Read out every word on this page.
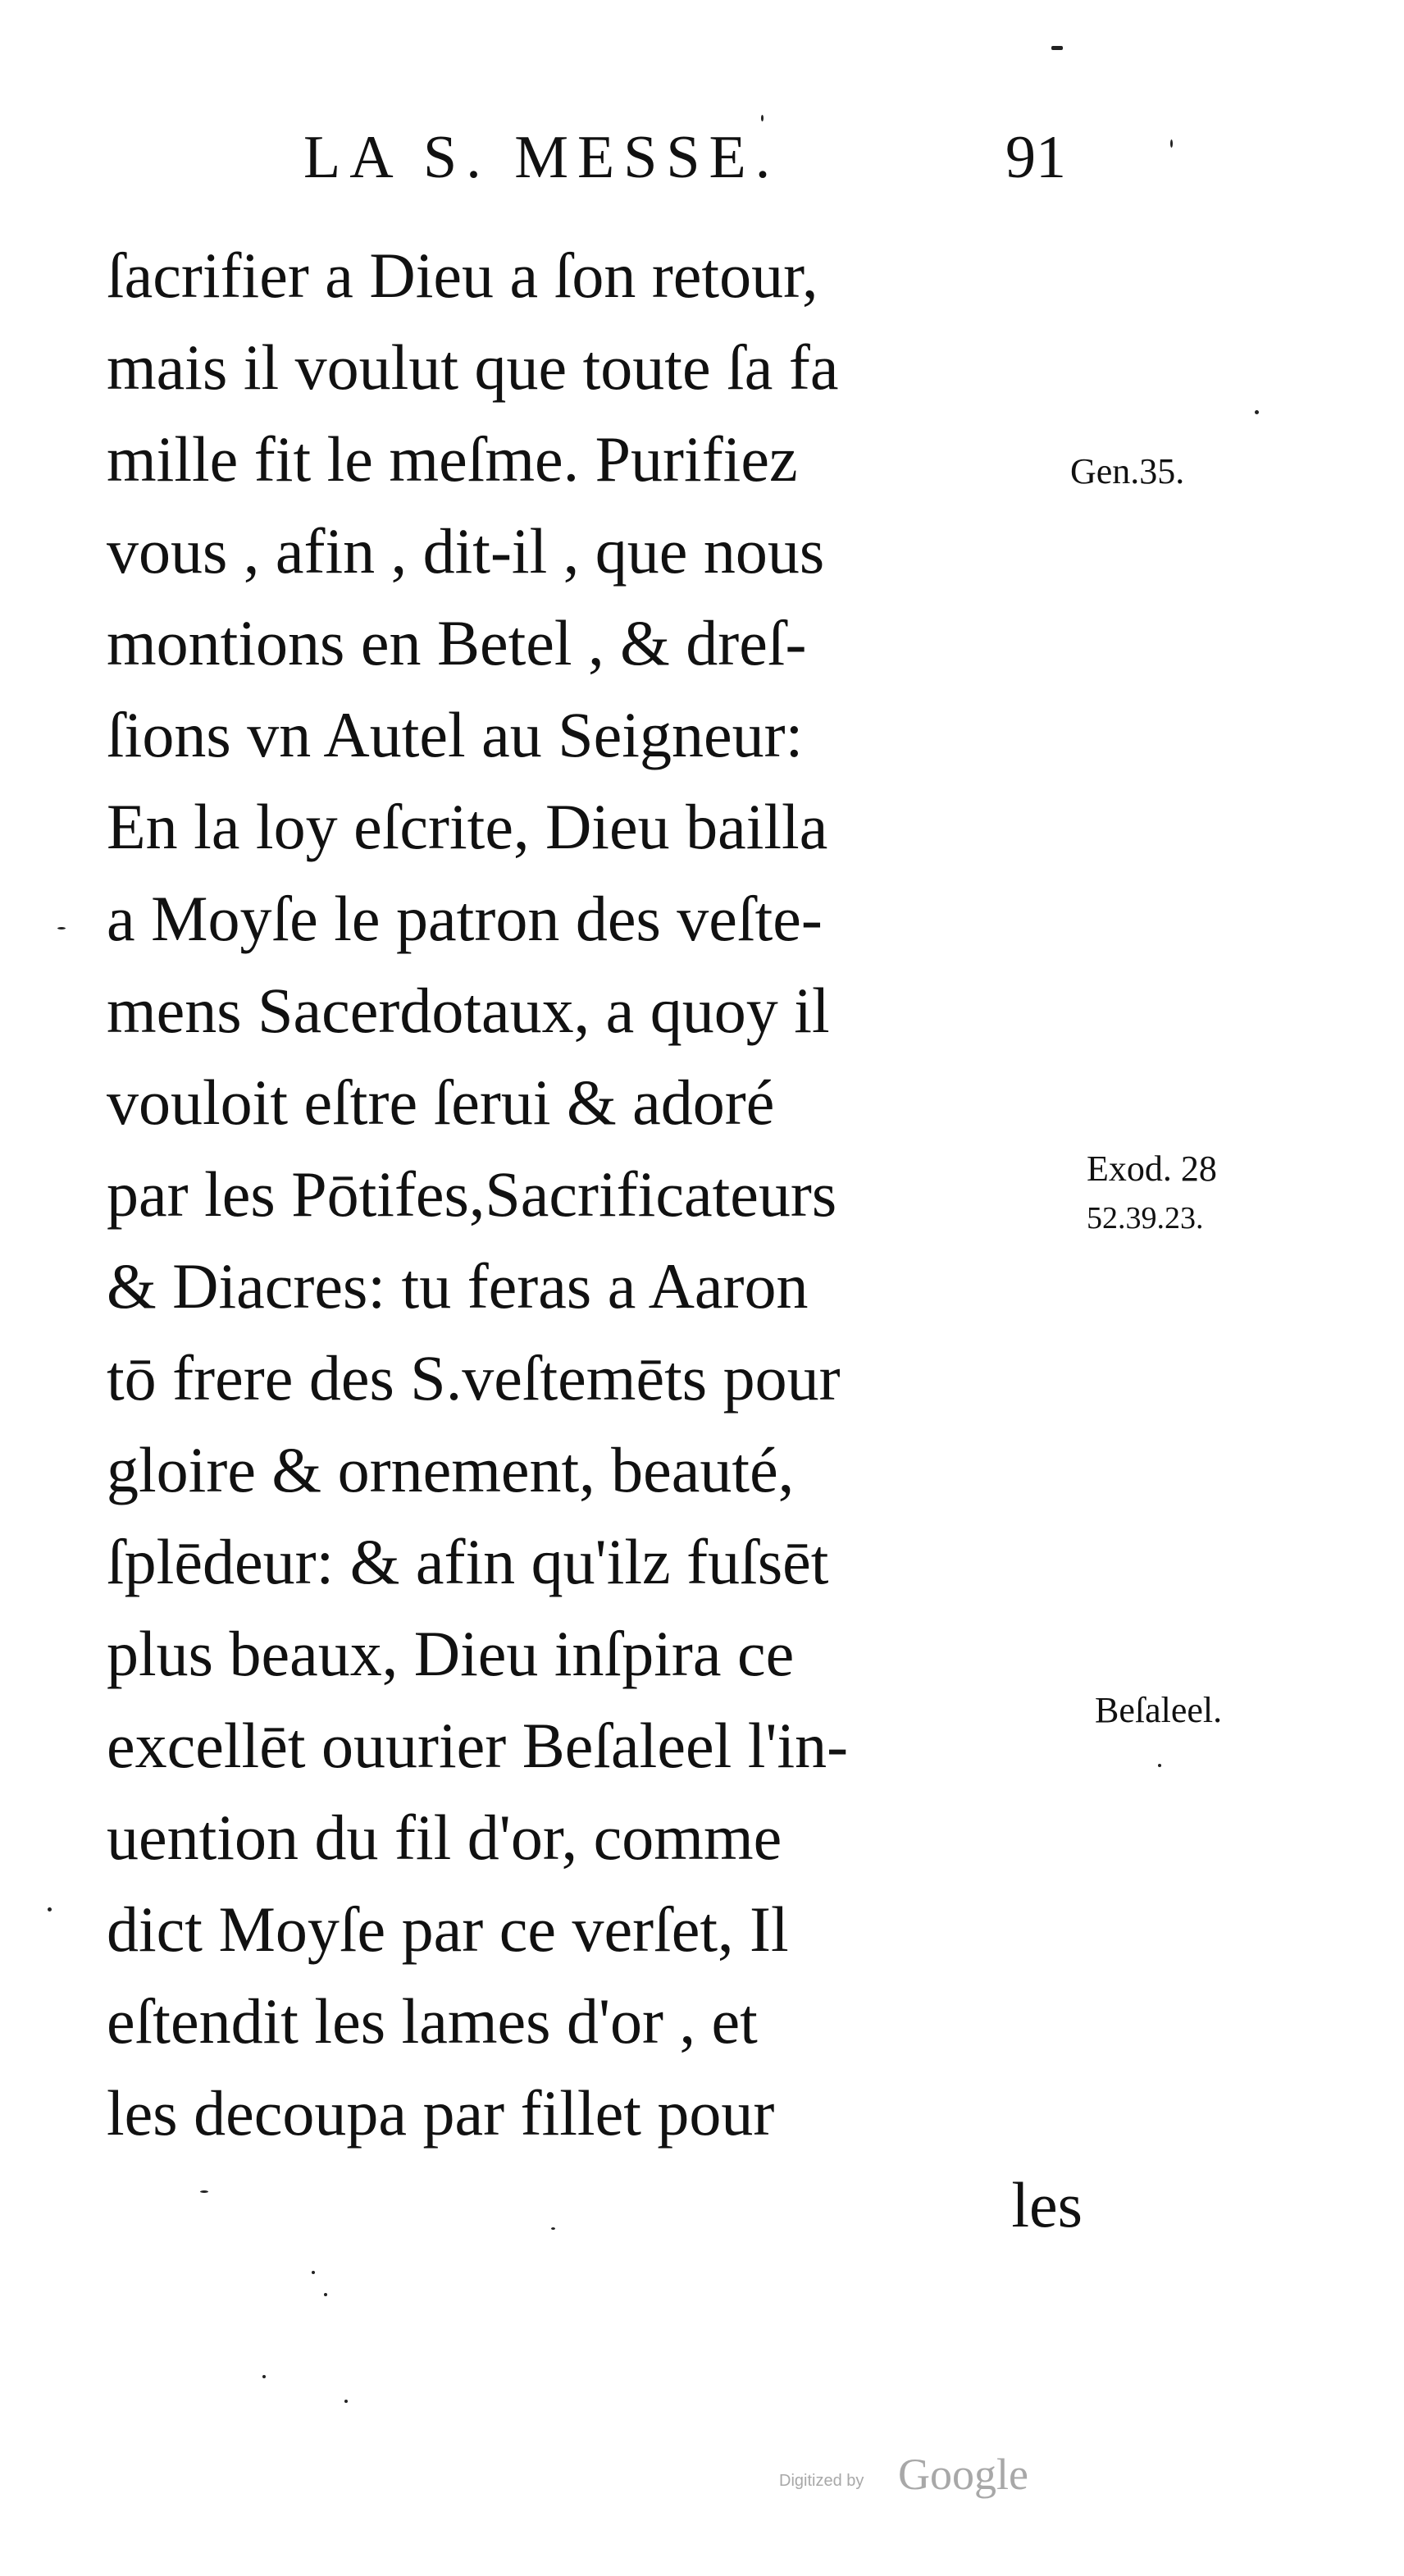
LA S. MESSE.	91
ſacrifier a Dieu a ſon retour,
mais il voulut que toute ſa fa
mille fit le meſme. Purifiez
vous , afin , dit-il , que nous
montions en Betel , & dreſ-
ſions vn Autel au Seigneur:
En la loy eſcrite, Dieu bailla
a Moyſe le patron des veſte-
mens Sacerdotaux, a quoy il
vouloit eſtre ſerui & adoré
par les Pōtifes,Sacrificateurs
& Diacres: tu feras a Aaron
tō frere des S.veſtemēts pour
gloire & ornement, beauté,
ſplēdeur: & afin qu'ilz fuſsēt
plus beaux, Dieu inſpira ce
excellēt ouurier Beſaleel l'in-
uention du fil d'or, comme
dict Moyſe par ce verſet, Il
eſtendit les lames d'or , et
les decoupa par fillet pour
les
Gen.35.
Exod. 28
52.39.23.
Beſaleel.
Digitized by Google
